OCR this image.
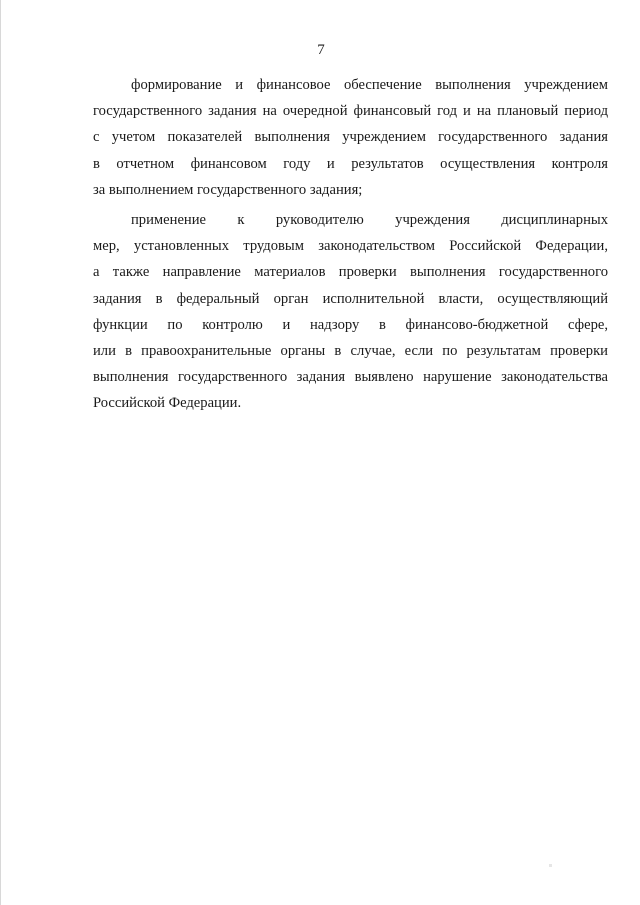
7
формирование и финансовое обеспечение выполнения учреждением
государственного задания на очередной финансовый год и на плановый период
с учетом показателей выполнения учреждением государственного задания
в отчетном финансовом году и результатов осуществления контроля
за выполнением государственного задания;
применение к руководителю учреждения дисциплинарных
мер, установленных трудовым законодательством Российской Федерации,
а также направление материалов проверки выполнения государственного
задания в федеральный орган исполнительной власти, осуществляющий
функции по контролю и надзору в финансово-бюджетной сфере,
или в правоохранительные органы в случае, если по результатам проверки
выполнения государственного задания выявлено нарушение законодательства
Российской Федерации.
